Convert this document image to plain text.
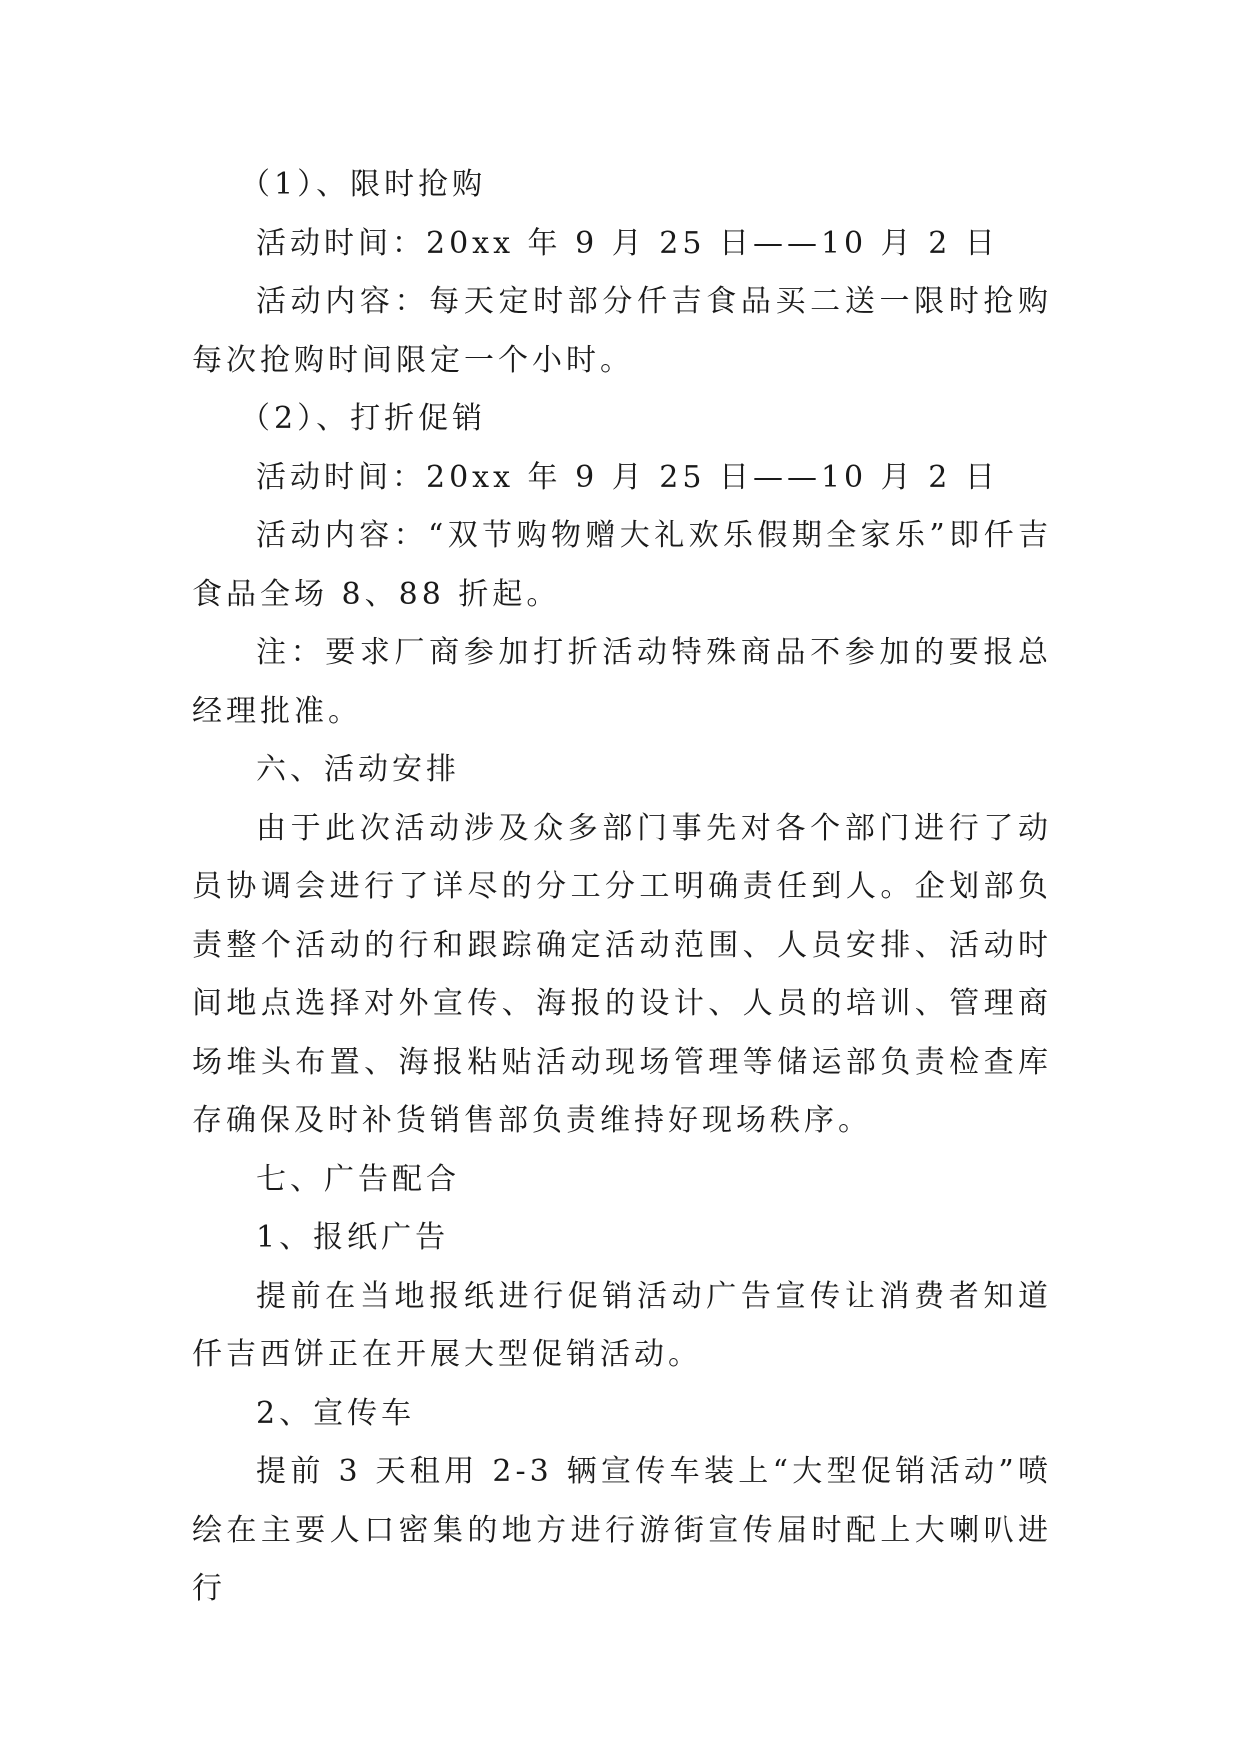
（1）、限时抢购

活动时间：20xx 年 9 月 25 日——10 月 2 日

活动内容：每天定时部分仟吉食品买二送一限时抢购每次抢购时间限定一个小时。

（2）、打折促销

活动时间：20xx 年 9 月 25 日——10 月 2 日

活动内容：“双节购物赠大礼欢乐假期全家乐”即仟吉食品全场 8、88 折起。

注：要求厂商参加打折活动特殊商品不参加的要报总经理批准。

六、活动安排

由于此次活动涉及众多部门事先对各个部门进行了动员协调会进行了详尽的分工分工明确责任到人。企划部负责整个活动的行和跟踪确定活动范围、人员安排、活动时间地点选择对外宣传、海报的设计、人员的培训、管理商场堆头布置、海报粘贴活动现场管理等储运部负责检查库存确保及时补货销售部负责维持好现场秩序。

七、广告配合

1、报纸广告

提前在当地报纸进行促销活动广告宣传让消费者知道仟吉西饼正在开展大型促销活动。

2、宣传车

提前 3 天租用 2-3 辆宣传车装上“大型促销活动”喷绘在主要人口密集的地方进行游街宣传届时配上大喇叭进行
